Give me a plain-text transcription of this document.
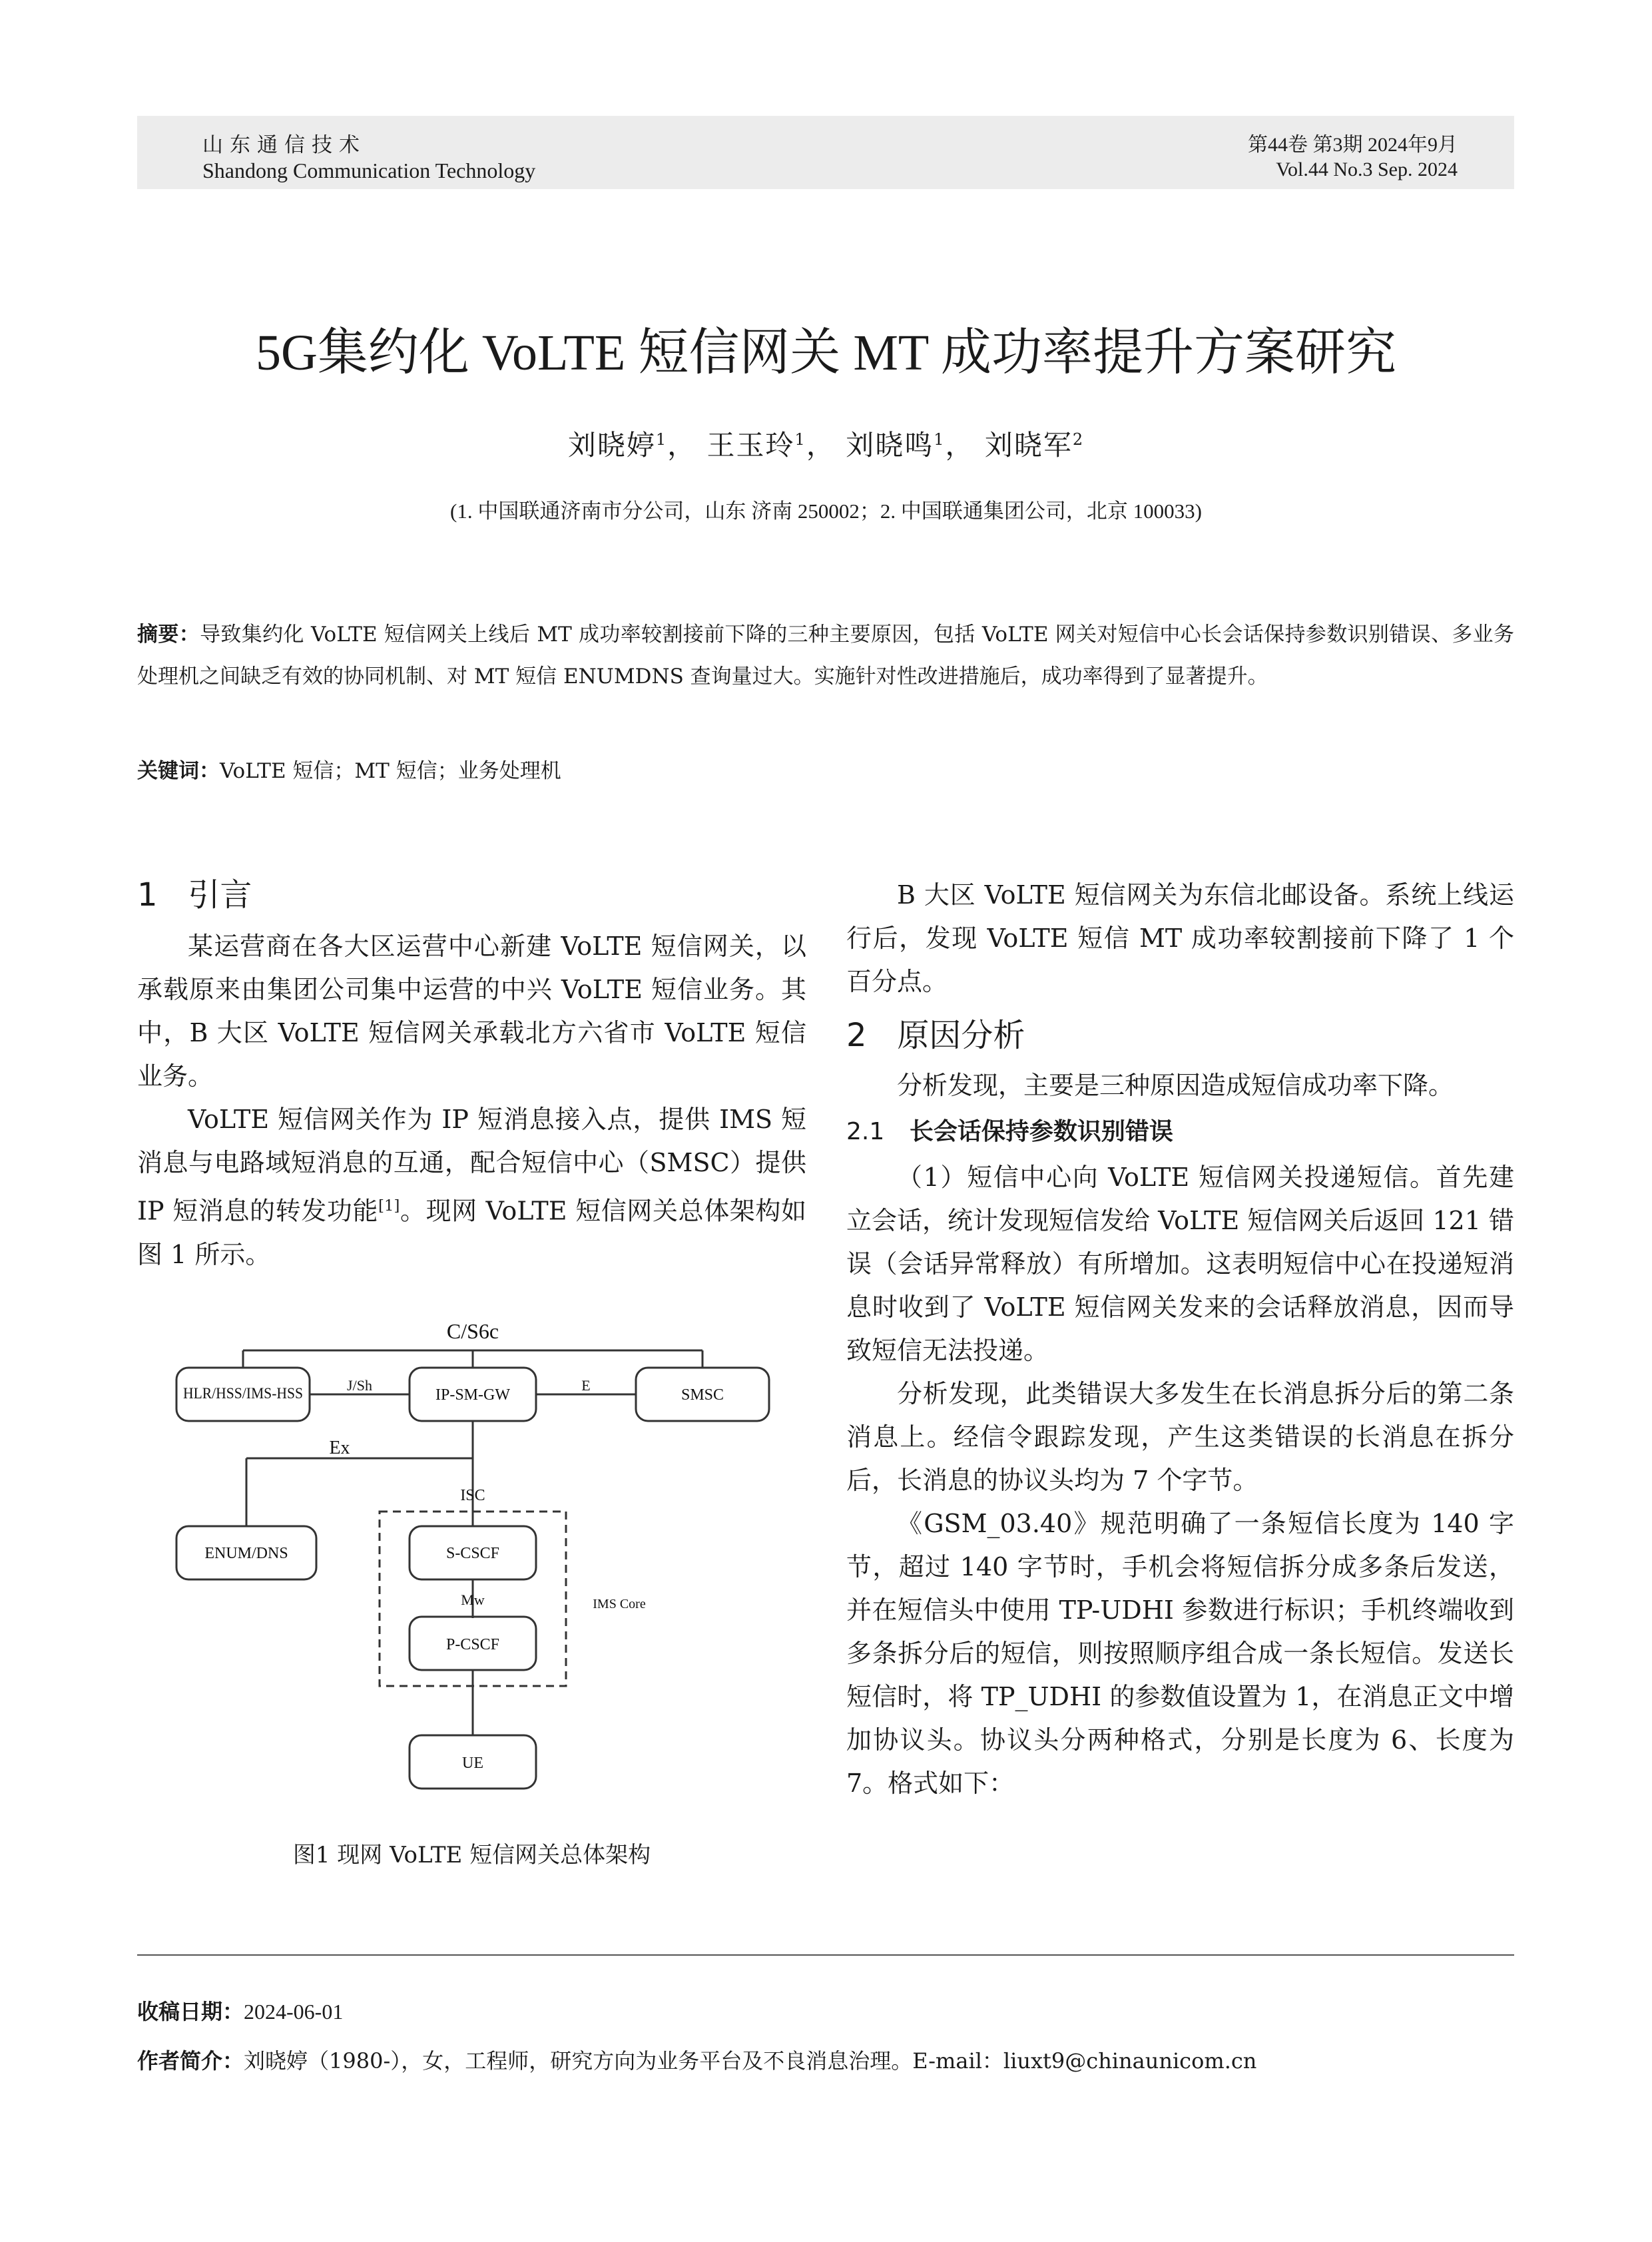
山东通信技术
Shandong Communication Technology
第44卷 第3期 2024年9月
Vol.44 No.3 Sep. 2024
5G集约化 VoLTE 短信网关 MT 成功率提升方案研究
刘晓婷$^1$， 王玉玲$^1$， 刘晓鸣$^1$， 刘晓军$^2$
(1. 中国联通济南市分公司，山东 济南 250002；2. 中国联通集团公司，北京 100033)
摘要：导致集约化 VoLTE 短信网关上线后 MT 成功率较割接前下降的三种主要原因，包括 VoLTE 网关对短信中心长会话保持参数识别错误、多业务处理机之间缺乏有效的协同机制、对 MT 短信 ENUMDNS 查询量过大。实施针对性改进措施后，成功率得到了显著提升。
关键词：VoLTE 短信；MT 短信；业务处理机
1 引言

某运营商在各大区运营中心新建 VoLTE 短信网关，以承载原来由集团公司集中运营的中兴 VoLTE 短信业务。其中，B 大区 VoLTE 短信网关承载北方六省市 VoLTE 短信业务。

VoLTE 短信网关作为 IP 短消息接入点，提供 IMS 短消息与电路域短消息的互通，配合短信中心（SMSC）提供 IP 短消息的转发功能[1]。现网 VoLTE 短信网关总体架构如图 1 所示。

C/S6c
HLR/HSS/IMS-HSS	J/Sh
IP-SM-GW
E
SMSC
Ex
ISC
ENUM/DNS	S-CSCF
Mw
P-CSCF
IMS Core
UE
图1 现网 VoLTE 短信网关总体架构

B 大区 VoLTE 短信网关为东信北邮设备。系统上线运行后，发现 VoLTE 短信 MT 成功率较割接前下降了 1 个百分点。

2 原因分析

分析发现，主要是三种原因造成短信成功率下降。

2.1 长会话保持参数识别错误

（1）短信中心向 VoLTE 短信网关投递短信。首先建立会话，统计发现短信发给 VoLTE 短信网关后返回 121 错误（会话异常释放）有所增加。这表明短信中心在投递短消息时收到了 VoLTE 短信网关发来的会话释放消息，因而导致短信无法投递。

分析发现，此类错误大多发生在长消息拆分后的第二条消息上。经信令跟踪发现，产生这类错误的长消息在拆分后，长消息的协议头均为 7 个字节。

《GSM_03.40》规范明确了一条短信长度为 140 字节，超过 140 字节时，手机会将短信拆分成多条后发送，并在短信头中使用 TP-UDHI 参数进行标识；手机终端收到多条拆分后的短信，则按照顺序组合成一条长短信。发送长短信时，将 TP_UDHI 的参数值设置为 1，在消息正文中增加协议头。协议头分两种格式，分别是长度为 6、长度为 7。格式如下：

收稿日期：2024-06-01
作者简介：刘晓婷（1980-），女，工程师，研究方向为业务平台及不良消息治理。E-mail：liuxt9@chinaunicom.cn
